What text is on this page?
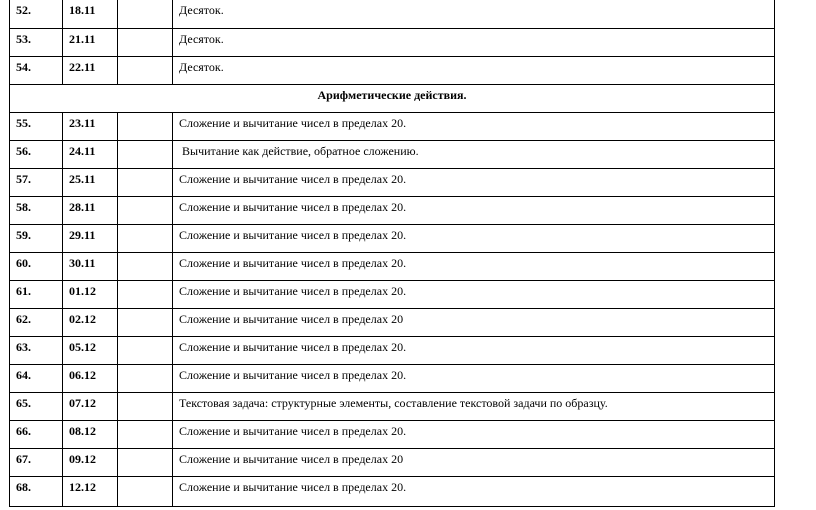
52.	18.11		Десяток.
53.	21.11		Десяток.
54.	22.11		Десяток.
Арифметические действия.			
55.	23.11		Сложение и вычитание чисел в пределах 20.
56.	24.11		Вычитание как действие, обратное сложению.
57.	25.11		Сложение и вычитание чисел в пределах 20.
58.	28.11		Сложение и вычитание чисел в пределах 20.
59.	29.11		Сложение и вычитание чисел в пределах 20.
60.	30.11		Сложение и вычитание чисел в пределах 20.
61.	01.12		Сложение и вычитание чисел в пределах 20.
62.	02.12		Сложение и вычитание чисел в пределах 20
63.	05.12		Сложение и вычитание чисел в пределах 20.
64.	06.12		Сложение и вычитание чисел в пределах 20.
65.	07.12		Текстовая задача: структурные элементы, составление текстовой задачи по образцу.
66.	08.12		Сложение и вычитание чисел в пределах 20.
67.	09.12		Сложение и вычитание чисел в пределах 20
68.	12.12		Сложение и вычитание чисел в пределах 20.
